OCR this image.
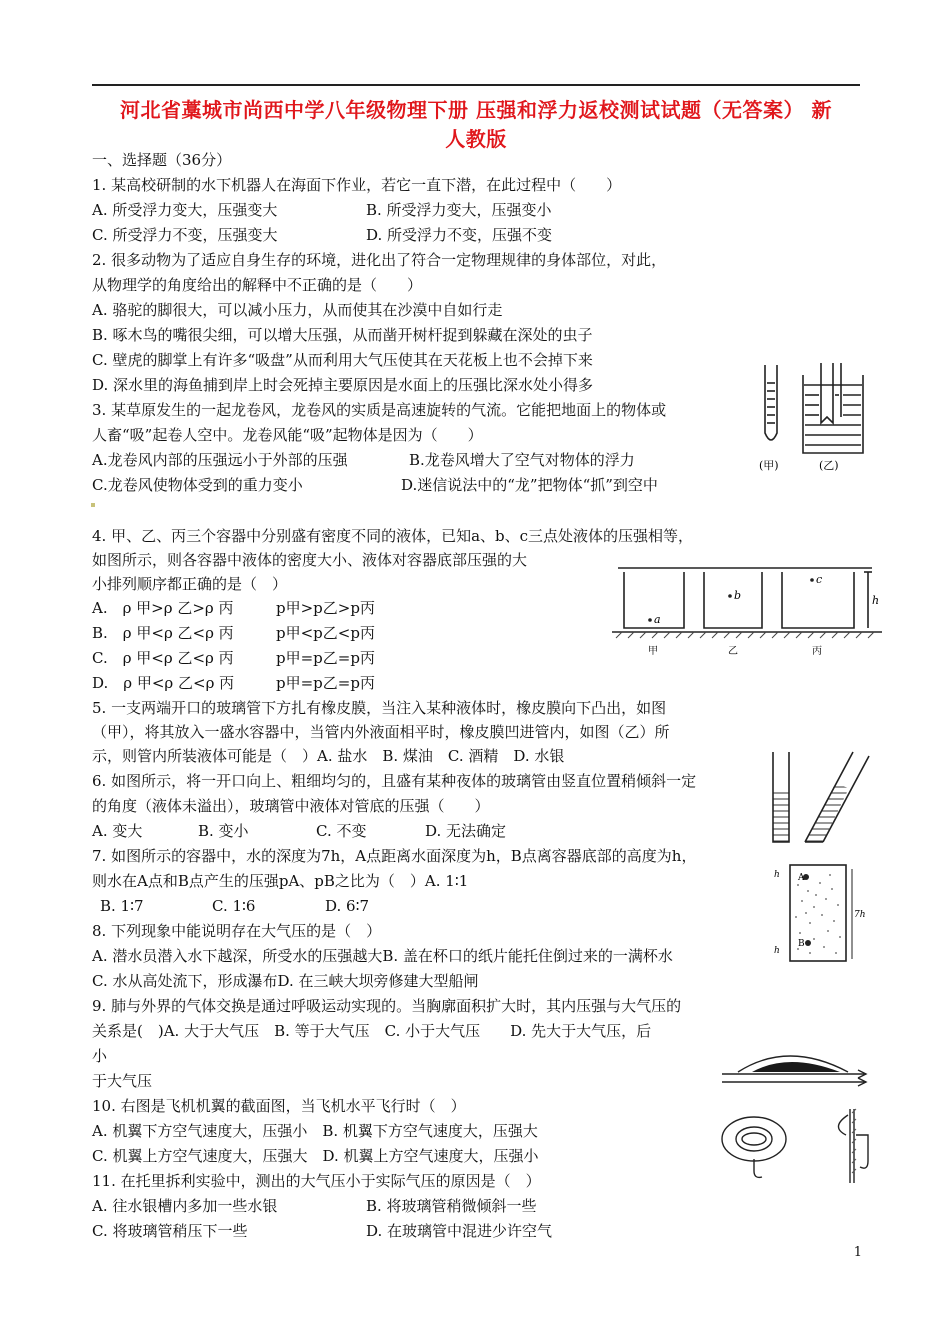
河北省藁城市尚西中学八年级物理下册 压强和浮力返校测试试题（无答案） 新
人教版
一、选择题（36分）
1. 某高校研制的水下机器人在海面下作业，若它一直下潜，在此过程中（　　）
A. 所受浮力变大，压强变大	B. 所受浮力变大，压强变小
C. 所受浮力不变，压强变大	D. 所受浮力不变，压强不变
2. 很多动物为了适应自身生存的环境，进化出了符合一定物理规律的身体部位，对此，
从物理学的角度给出的解释中不正确的是（　　）
A. 骆驼的脚很大，可以减小压力，从而使其在沙漠中自如行走
B. 啄木鸟的嘴很尖细，可以增大压强，从而凿开树杆捉到躲藏在深处的虫子
C. 壁虎的脚掌上有许多“吸盘”从而利用大气压使其在天花板上也不会掉下来
D. 深水里的海鱼捕到岸上时会死掉主要原因是水面上的压强比深水处小得多
3. 某草原发生的一起龙卷风，龙卷风的实质是高速旋转的气流。它能把地面上的物体或
人畜“吸”起卷人空中。龙卷风能“吸”起物体是因为（　　）
A.龙卷风内部的压强远小于外部的压强	B.龙卷风增大了空气对物体的浮力
C.龙卷风使物体受到的重力变小	D.迷信说法中的“龙”把物体“抓”到空中
4. 甲、乙、丙三个容器中分别盛有密度不同的液体，已知a、b、c三点处液体的压强相等，
如图所示，则各容器中液体的密度大小、液体对容器底部压强的大
小排列顺序都正确的是（　）
A.　ρ 甲>ρ 乙>ρ 丙	p甲>p乙>p丙
B.　ρ 甲<ρ 乙<ρ 丙	p甲<p乙<p丙
C.　ρ 甲<ρ 乙<ρ 丙	p甲=p乙=p丙
D.　ρ 甲<ρ 乙<ρ 丙	p甲=p乙=p丙
5. 一支两端开口的玻璃管下方扎有橡皮膜，当注入某种液体时，橡皮膜向下凸出，如图
（甲），将其放入一盛水容器中，当管内外液面相平时，橡皮膜凹进管内，如图（乙）所
示，则管内所装液体可能是（　）A. 盐水　B. 煤油　C. 酒精　D. 水银
6. 如图所示，将一开口向上、粗细均匀的，且盛有某种夜体的玻璃管由竖直位置稍倾斜一定
的角度（液体未溢出），玻璃管中液体对管底的压强（　　）
A. 变大	B. 变小	C. 不变	D. 无法确定
7. 如图所示的容器中，水的深度为7h，A点距离水面深度为h，B点离容器底部的高度为h，
则水在A点和B点产生的压强pA、pB之比为（　）A. 1∶1
B. 1∶7	C. 1∶6	D. 6∶7
8. 下列现象中能说明存在大气压的是（　）
A. 潜水员潜入水下越深，所受水的压强越大B. 盖在杯口的纸片能托住倒过来的一满杯水
C. 水从高处流下，形成瀑布D. 在三峡大坝旁修建大型船闸
9. 肺与外界的气体交换是通过呼吸运动实现的。当胸廓面积扩大时，其内压强与大气压的
关系是(　)A. 大于大气压　B. 等于大气压　C. 小于大气压　　D. 先大于大气压，后
小
于大气压
10. 右图是飞机机翼的截面图，当飞机水平飞行时（　）
A. 机翼下方空气速度大，压强小　B. 机翼下方空气速度大，压强大
C. 机翼上方空气速度大，压强大　D. 机翼上方空气速度大，压强小
11. 在托里拆利实验中，测出的大气压小于实际气压的原因是（　）
A. 往水银槽内多加一些水银	B. 将玻璃管稍微倾斜一些
C. 将玻璃管稍压下一些	D. 在玻璃管中混进少许空气
(甲)	(乙)
a
b
c
h
甲	乙	丙
A
B
h
7h
h
1
